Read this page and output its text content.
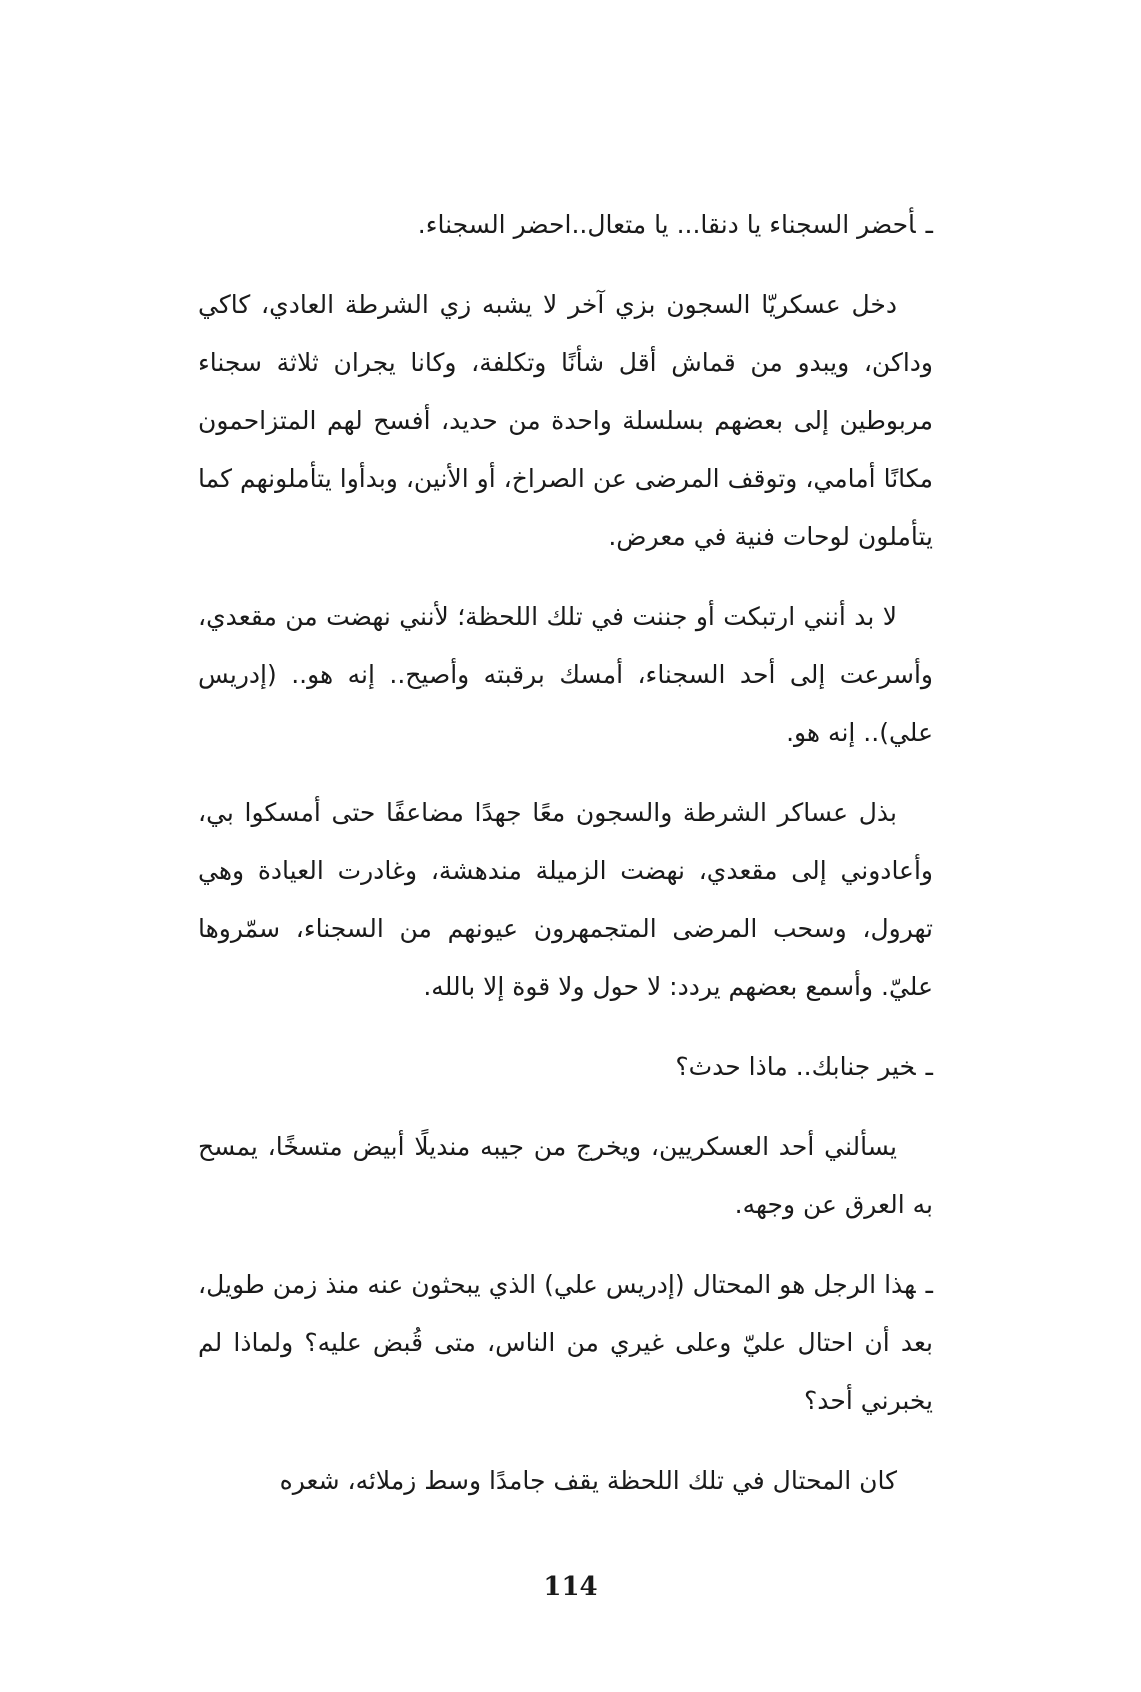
ـأحضر السجناء يا دنقا... يا متعال..احضر السجناء.

دخل عسكريّا السجون بزي آخر لا يشبه زي الشرطة العادي، كاكي وداكن، ويبدو من قماش أقل شأنًا وتكلفة، وكانا يجران ثلاثة سجناء مربوطين إلى بعضهم بسلسلة واحدة من حديد، أفسح لهم المتزاحمون مكانًا أمامي، وتوقف المرضى عن الصراخ، أو الأنين، وبدأوا يتأملونهم كما يتأملون لوحات فنية في معرض.

لا بد أنني ارتبكت أو جننت في تلك اللحظة؛ لأنني نهضت من مقعدي، وأسرعت إلى أحد السجناء، أمسك برقبته وأصيح.. إنه هو.. (إدريس علي).. إنه هو.

بذل عساكر الشرطة والسجون معًا جهدًا مضاعفًا حتى أمسكوا بي، وأعادوني إلى مقعدي، نهضت الزميلة مندهشة، وغادرت العيادة وهي تهرول، وسحب المرضى المتجمهرون عيونهم من السجناء، سمّروها عليّ. وأسمع بعضهم يردد: لا حول ولا قوة إلا بالله.

ـخير جنابك.. ماذا حدث؟

يسألني أحد العسكريين، ويخرج من جيبه منديلًا أبيض متسخًا، يمسح به العرق عن وجهه.

ـهذا الرجل هو المحتال (إدريس علي) الذي يبحثون عنه منذ زمن طويل، بعد أن احتال عليّ وعلى غيري من الناس، متى قُبض عليه؟ ولماذا لم يخبرني أحد؟

كان المحتال في تلك اللحظة يقف جامدًا وسط زملائه، شعره

114
